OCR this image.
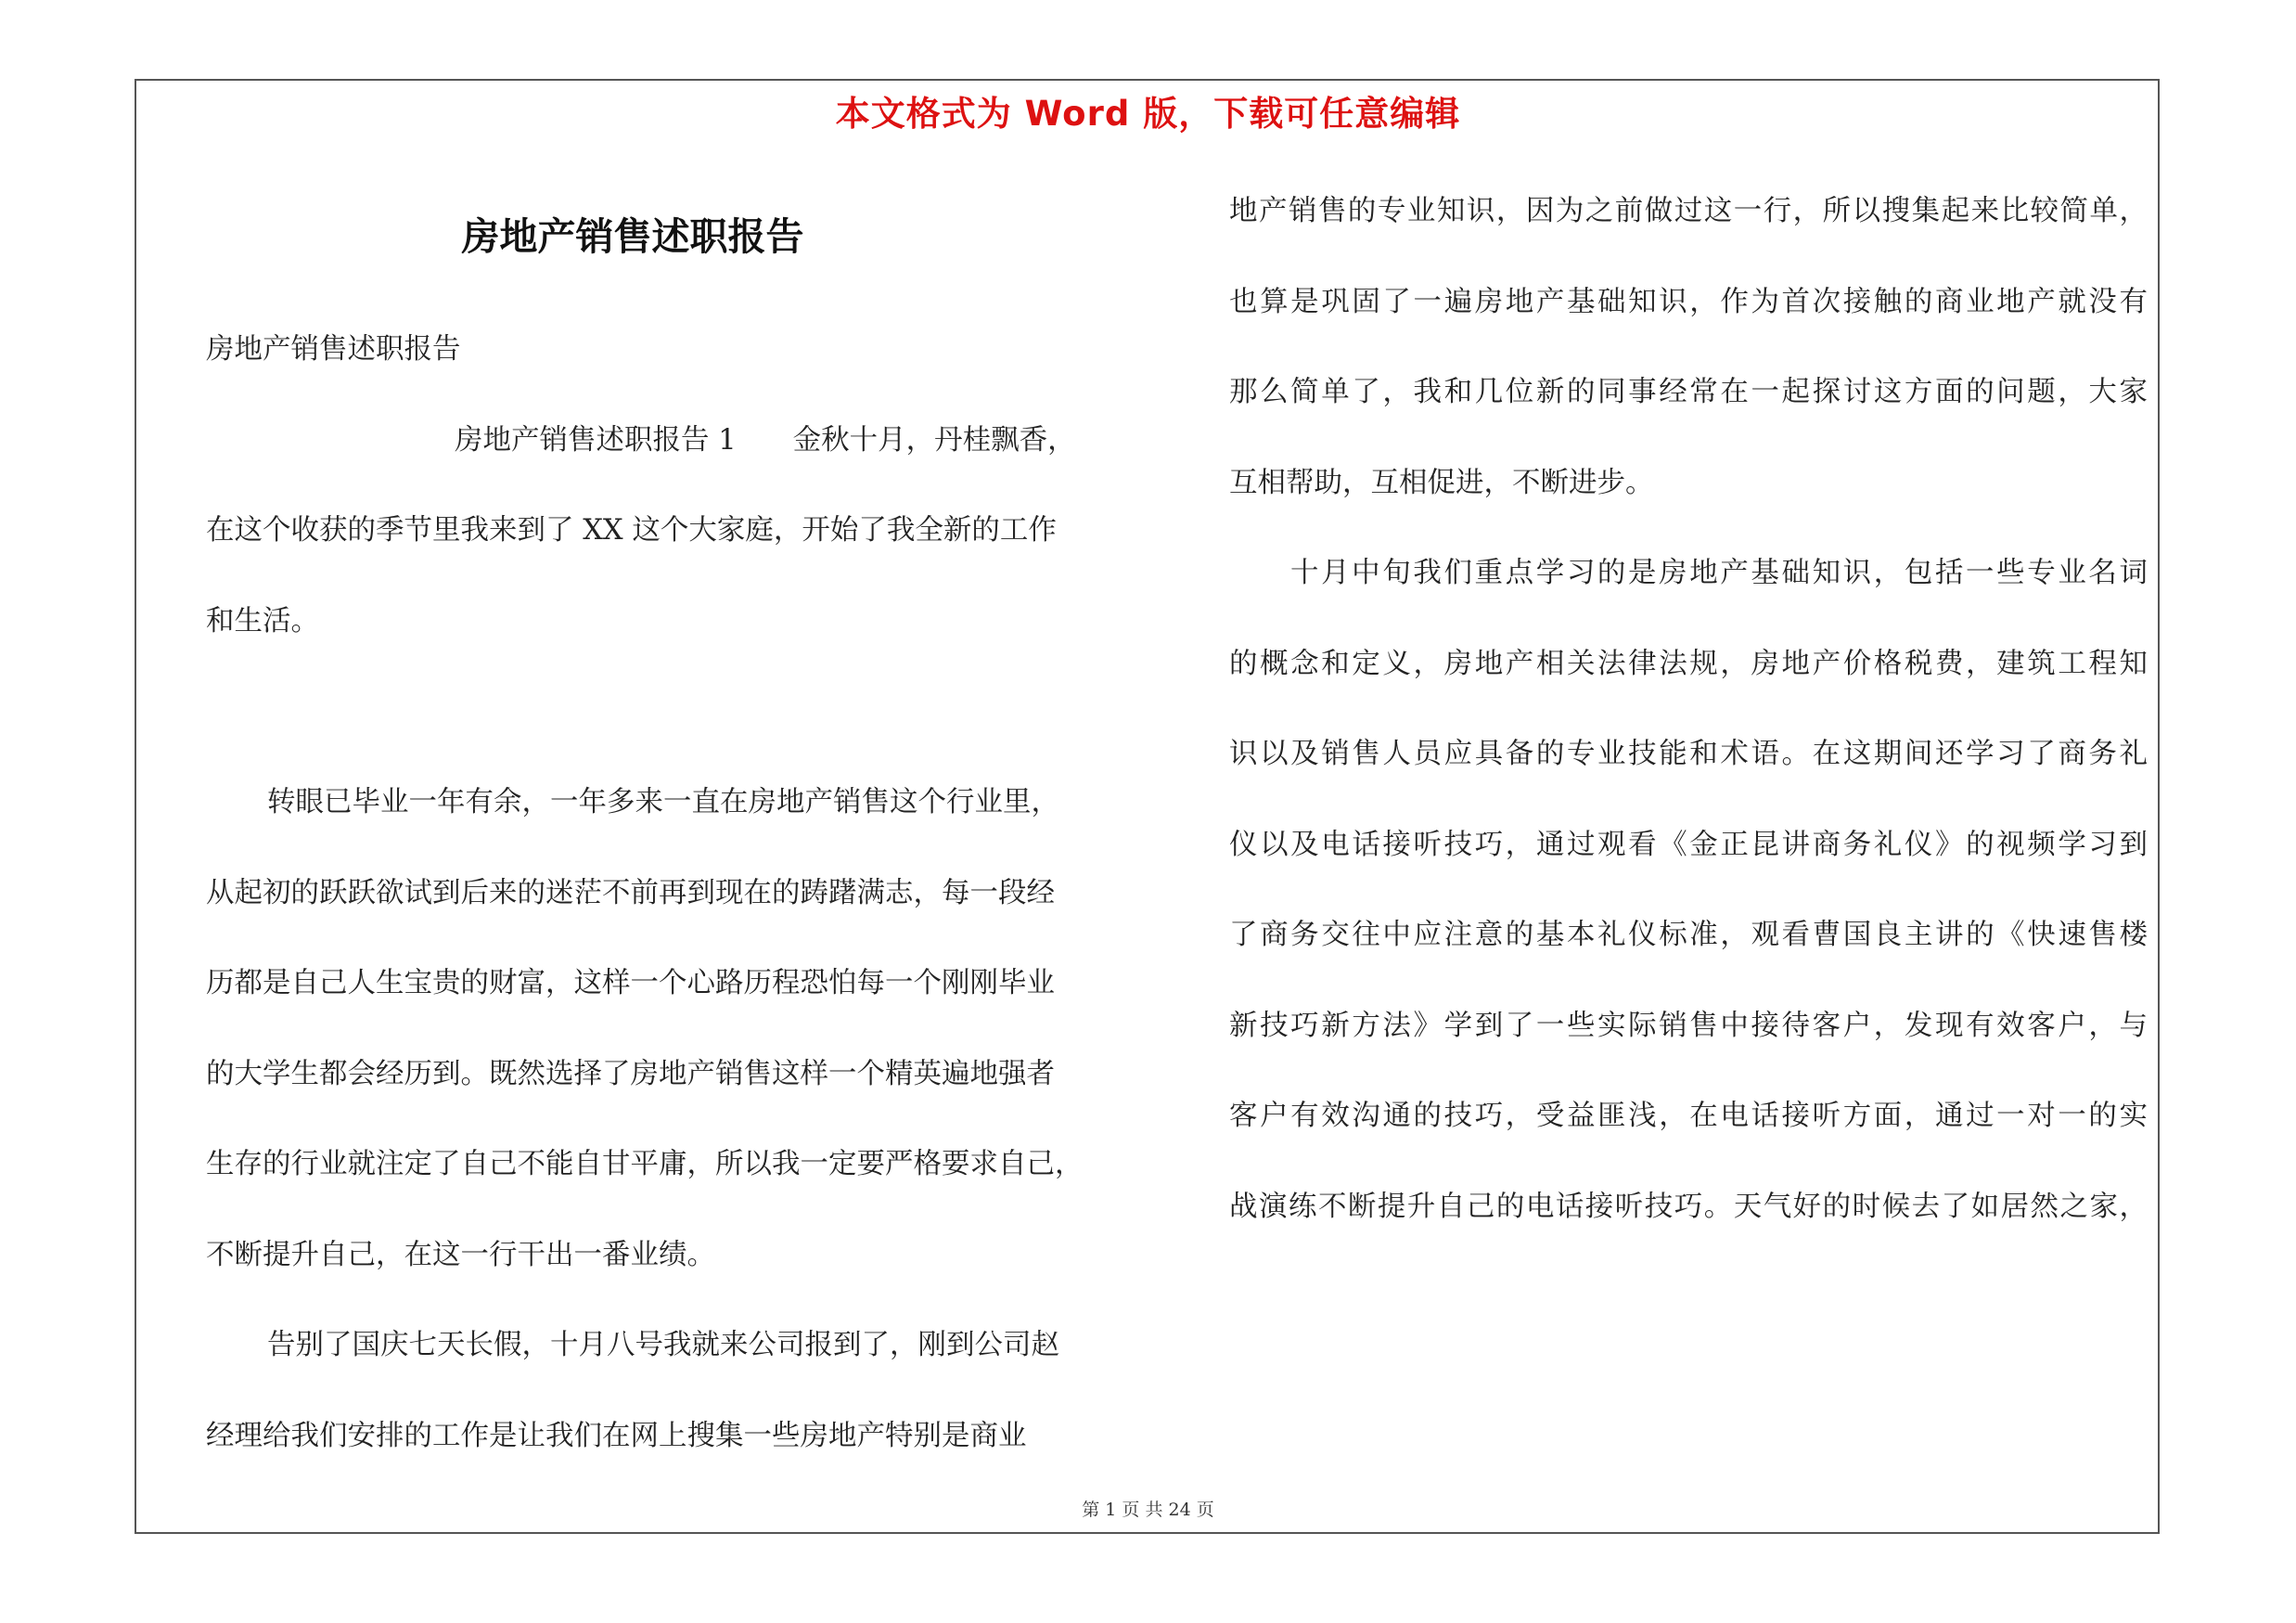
本文格式为 Word 版，下载可任意编辑
房地产销售述职报告
房地产销售述职报告
房地产销售述职报告 1　　金秋十月，丹桂飘香，
在这个收获的季节里我来到了 XX 这个大家庭，开始了我全新的工作
和生活。
转眼已毕业一年有余，一年多来一直在房地产销售这个行业里，
从起初的跃跃欲试到后来的迷茫不前再到现在的踌躇满志，每一段经
历都是自己人生宝贵的财富，这样一个心路历程恐怕每一个刚刚毕业
的大学生都会经历到。既然选择了房地产销售这样一个精英遍地强者
生存的行业就注定了自己不能自甘平庸，所以我一定要严格要求自己，
不断提升自己，在这一行干出一番业绩。
告别了国庆七天长假，十月八号我就来公司报到了，刚到公司赵
经理给我们安排的工作是让我们在网上搜集一些房地产特别是商业
地产销售的专业知识，因为之前做过这一行，所以搜集起来比较简单，
也算是巩固了一遍房地产基础知识，作为首次接触的商业地产就没有
那么简单了，我和几位新的同事经常在一起探讨这方面的问题，大家
互相帮助，互相促进，不断进步。
十月中旬我们重点学习的是房地产基础知识，包括一些专业名词
的概念和定义，房地产相关法律法规，房地产价格税费，建筑工程知
识以及销售人员应具备的专业技能和术语。在这期间还学习了商务礼
仪以及电话接听技巧，通过观看《金正昆讲商务礼仪》的视频学习到
了商务交往中应注意的基本礼仪标准，观看曹国良主讲的《快速售楼
新技巧新方法》学到了一些实际销售中接待客户，发现有效客户，与
客户有效沟通的技巧，受益匪浅，在电话接听方面，通过一对一的实
战演练不断提升自己的电话接听技巧。天气好的时候去了如居然之家，
第 1 页 共 24 页
